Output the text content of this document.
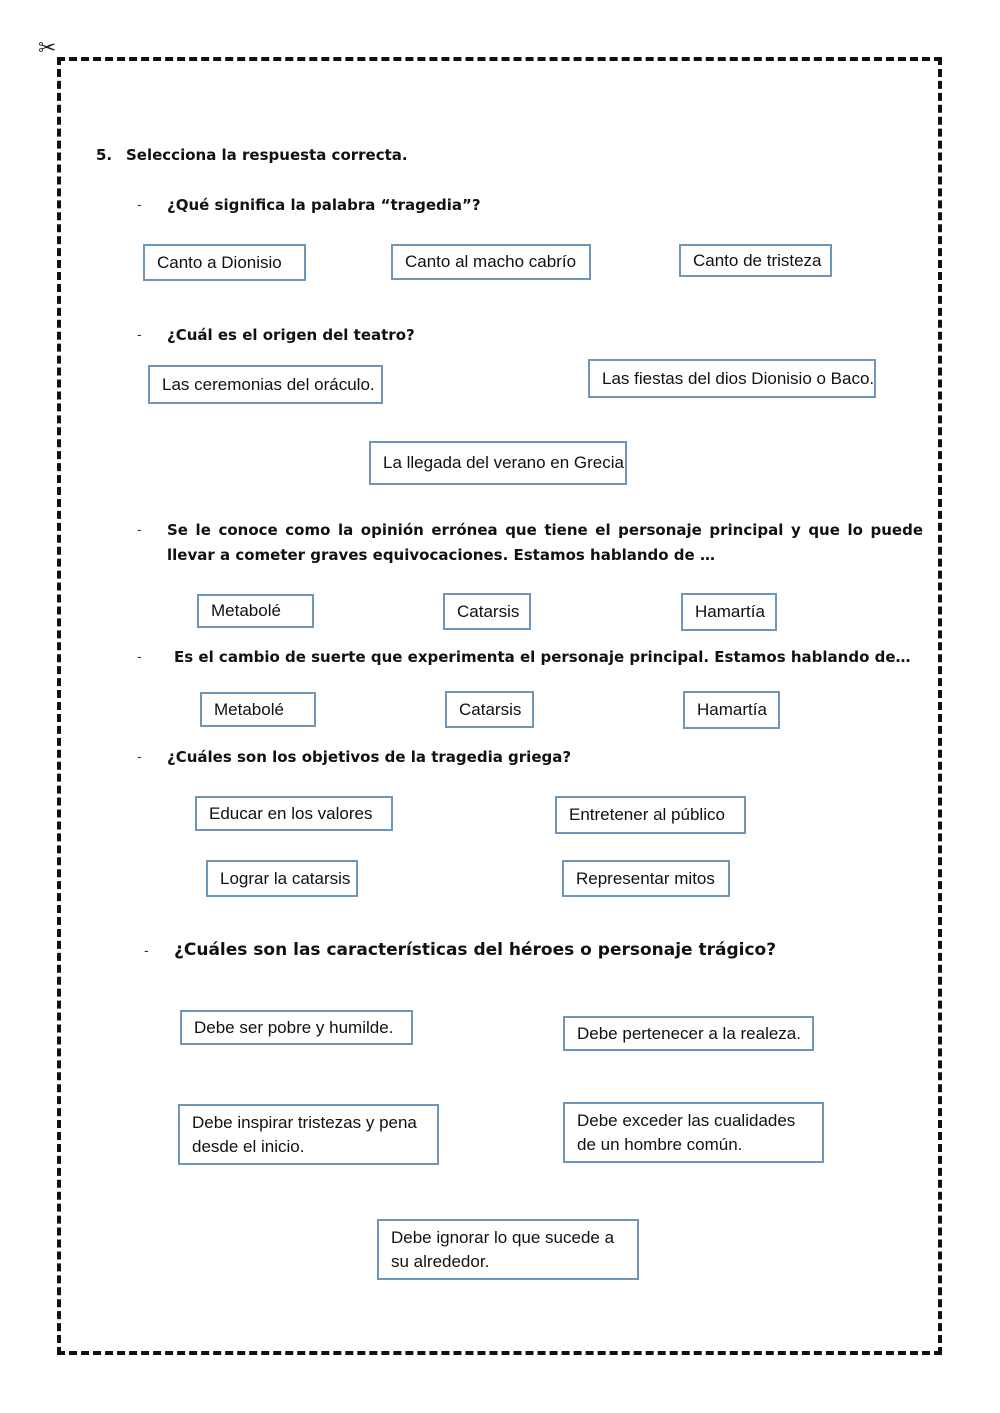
✂
5. Selecciona la respuesta correcta.
- ¿Qué significa la palabra “tragedia”?
Canto a Dionisio	Canto al macho cabrío	Canto de tristeza
- ¿Cuál es el origen del teatro?
Las ceremonias del oráculo.	Las fiestas del dios Dionisio o Baco.
La llegada del verano en Grecia
- Se le conoce como la opinión errónea que tiene el personaje principal y que lo puede llevar a cometer graves equivocaciones. Estamos hablando de …
Metabolé	Catarsis	Hamartía
- Es el cambio de suerte que experimenta el personaje principal. Estamos hablando de…
Metabolé	Catarsis	Hamartía
- ¿Cuáles son los objetivos de la tragedia griega?
Educar en los valores	Entretener al público
Lograr la catarsis	Representar mitos
- ¿Cuáles son las características del héroes o personaje trágico?
Debe ser pobre y humilde.	Debe pertenecer a la realeza.
Debe inspirar tristezas y pena desde el inicio.
Debe exceder las cualidades de un hombre común.
Debe ignorar lo que sucede a su alrededor.
